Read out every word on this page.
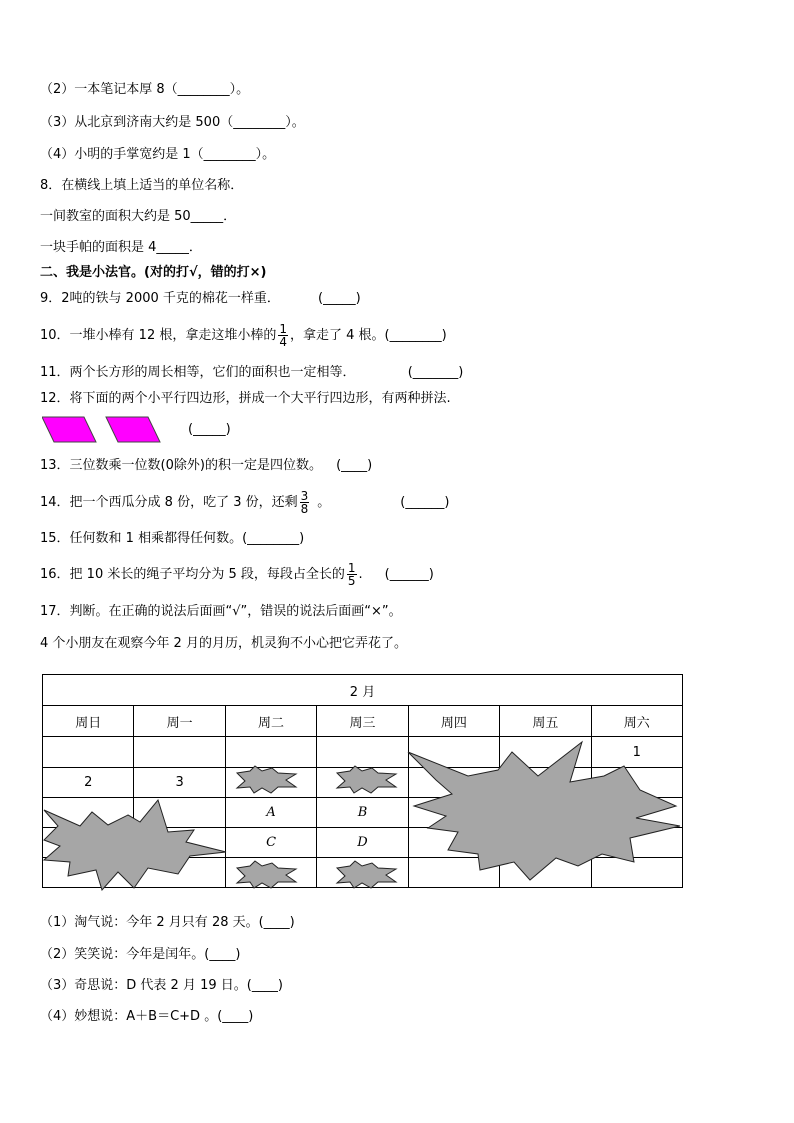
（2）一本笔记本厚 8（________）。
（3）从北京到济南大约是 500（________）。
（4）小明的手掌宽约是 1（________）。
8．在横线上填上适当的单位名称．
一间教室的面积大约是 50_____．
一块手帕的面积是 4_____．
二、我是小法官。(对的打√，错的打×)
9．2吨的铁与 2000 千克的棉花一样重．	(_____)
10．一堆小棒有 12 根，拿走这堆小棒的 $\frac{1}{4}$ ，拿走了 4 根。(________)
11．两个长方形的周长相等，它们的面积也一定相等．	(_______)
12．将下面的两个小平行四边形，拼成一个大平行四边形，有两种拼法.
(_____)
13．三位数乘一位数(0除外)的积一定是四位数。 (____)
14．把一个西瓜分成 8 份，吃了 3 份，还剩 $\frac{3}{8}$ 。	(______)
15．任何数和 1 相乘都得任何数。(________)
16．把 10 米长的绳子平均分为 5 段，每段占全长的 $\frac{1}{5}$ . (______)
17．判断。在正确的说法后面画“√”，错误的说法后面画“×”。
4 个小朋友在观察今年 2 月的月历，机灵狗不小心把它弄花了。
2 月						
周日	周一	周二	周三	周四	周五	周六
						1
2	3					
		A	B			
		C	D			

（1）淘气说：今年 2 月只有 28 天。(____)
（2）笑笑说：今年是闰年。(____)
（3）奇思说：D 代表 2 月 19 日。(____)
（4）妙想说：A＋B＝C+D 。(____)
